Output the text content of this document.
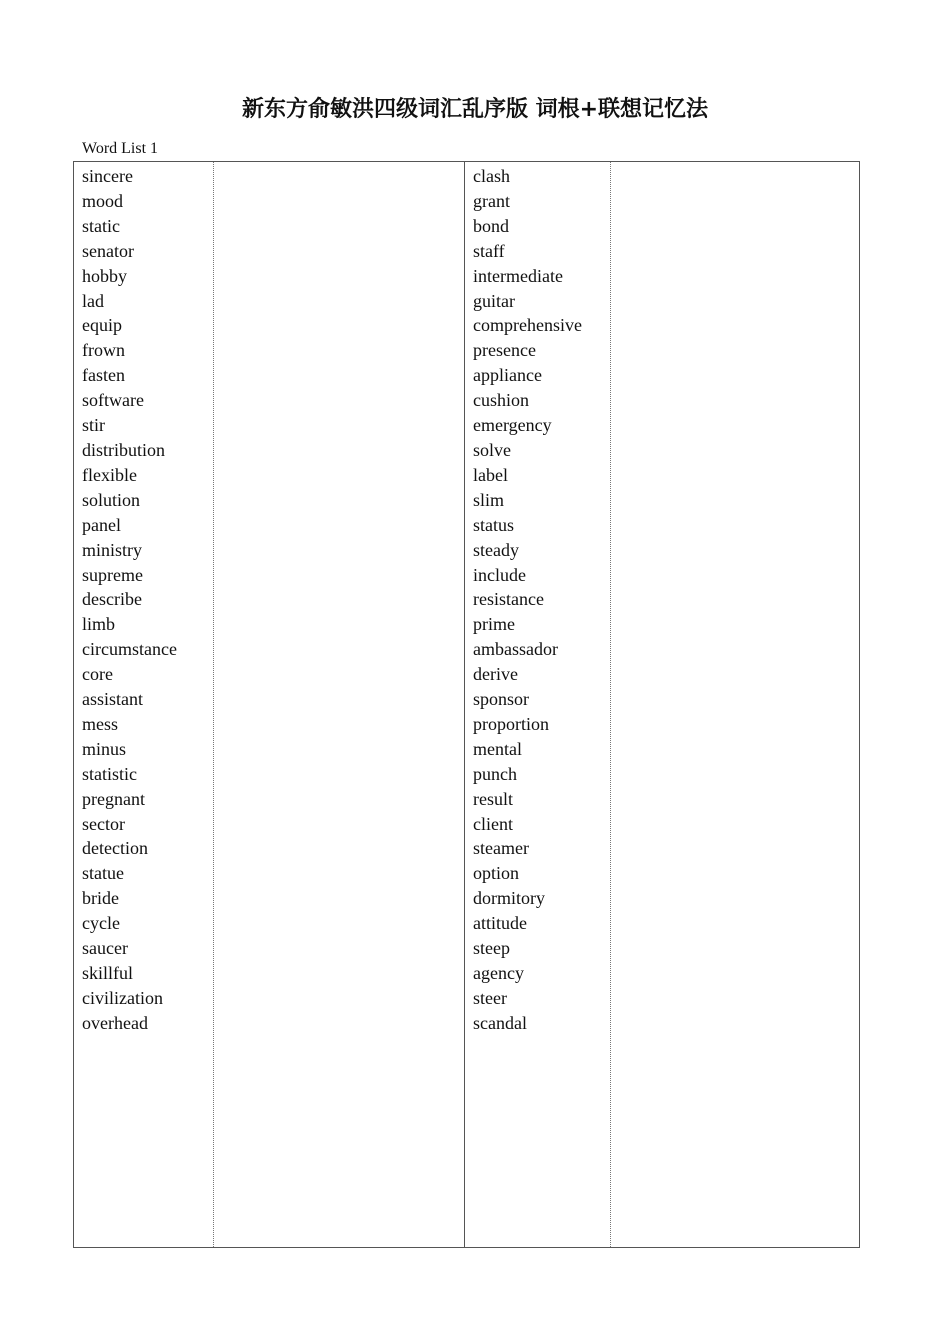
新东方俞敏洪四级词汇乱序版 词根+联想记忆法
Word List 1
sincere
mood
static
senator
hobby
lad
equip
frown
fasten
software
stir
distribution
flexible
solution
panel
ministry
supreme
describe
limb
circumstance
core
assistant
mess
minus
statistic
pregnant
sector
detection
statue
bride
cycle
saucer
skillful
civilization
overhead
clash
grant
bond
staff
intermediate
guitar
comprehensive
presence
appliance
cushion
emergency
solve
label
slim
status
steady
include
resistance
prime
ambassador
derive
sponsor
proportion
mental
punch
result
client
steamer
option
dormitory
attitude
steep
agency
steer
scandal
